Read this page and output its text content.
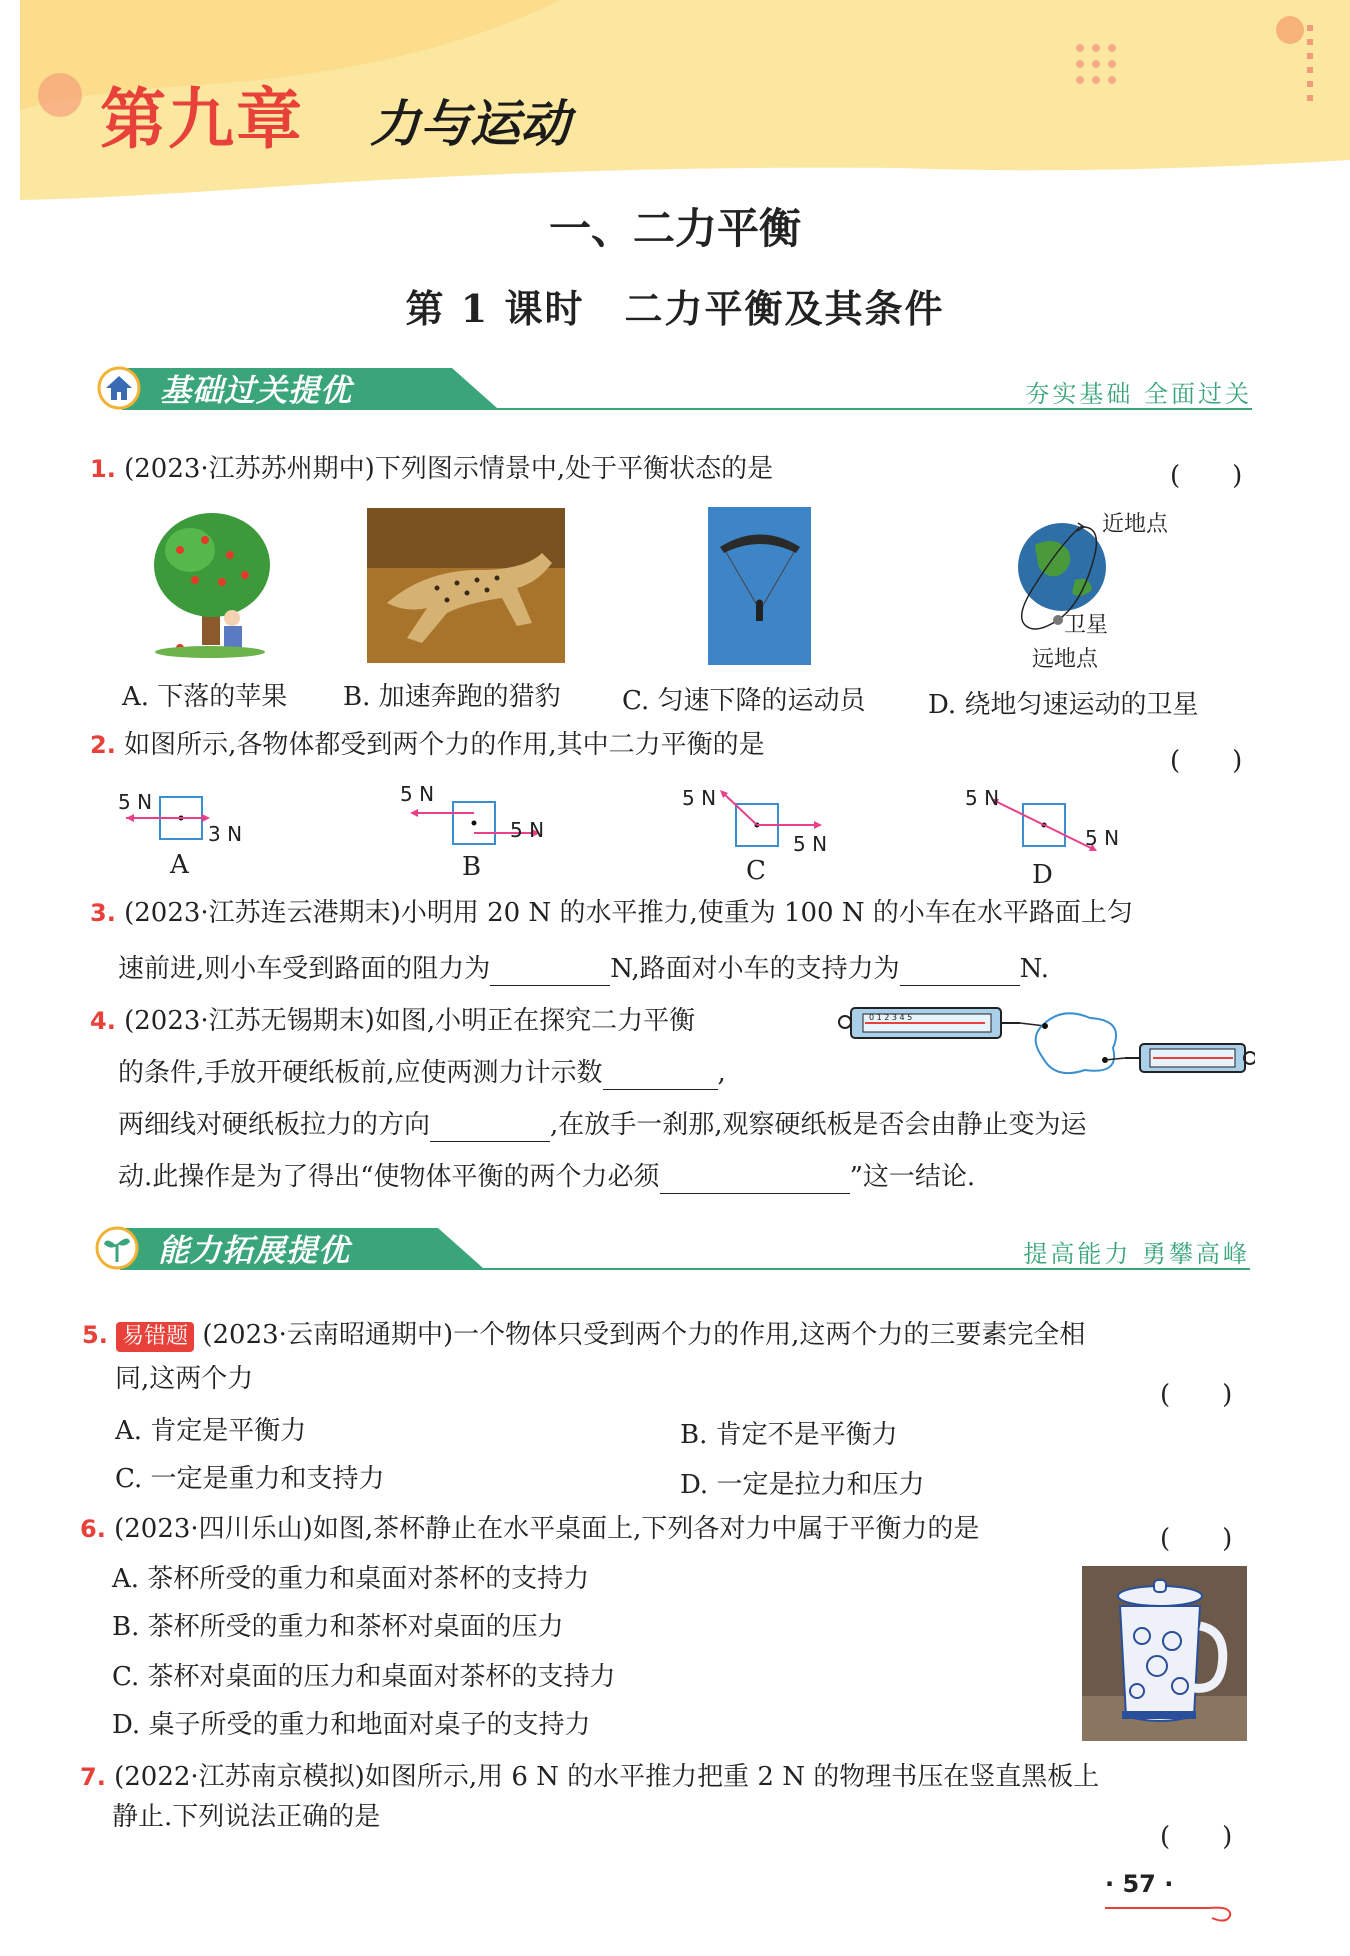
第九章 力与运动
一、二力平衡
第 1 课时　二力平衡及其条件
基础过关提优	夯实基础 全面过关
1. (2023·江苏苏州期中)下列图示情景中,处于平衡状态的是	(　　)
近地点
卫星
远地点
A. 下落的苹果 B. 加速奔跑的猎豹 C. 匀速下降的运动员 D. 绕地匀速运动的卫星
2. 如图所示,各物体都受到两个力的作用,其中二力平衡的是
(　　)
5 N
3 N
A
5 N
5 N
B
5 N
5 N
C
5 N
5 N
D
3. (2023·江苏连云港期末)小明用 20 N 的水平推力,使重为 100 N 的小车在水平路面上匀
速前进,则小车受到路面的阻力为	N,路面对小车的支持力为	N.
4. (2023·江苏无锡期末)如图,小明正在探究二力平衡
的条件,手放开硬纸板前,应使两测力计示数	,
两细线对硬纸板拉力的方向	,在放手一刹那,观察硬纸板是否会由静止变为运
动.此操作是为了得出“使物体平衡的两个力必须	”这一结论.
0 1 2 3 4 5
能力拓展提优	提高能力 勇攀高峰
5. 易错题 (2023·云南昭通期中)一个物体只受到两个力的作用,这两个力的三要素完全相
同,这两个力
(　　)
A. 肯定是平衡力	B. 肯定不是平衡力
C. 一定是重力和支持力	D. 一定是拉力和压力
6. (2023·四川乐山)如图,茶杯静止在水平桌面上,下列各对力中属于平衡力的是	(　　)
A. 茶杯所受的重力和桌面对茶杯的支持力
B. 茶杯所受的重力和茶杯对桌面的压力
C. 茶杯对桌面的压力和桌面对茶杯的支持力
D. 桌子所受的重力和地面对桌子的支持力
7. (2022·江苏南京模拟)如图所示,用 6 N 的水平推力把重 2 N 的物理书压在竖直黑板上
静止.下列说法正确的是
(　　)
· 57 ·
